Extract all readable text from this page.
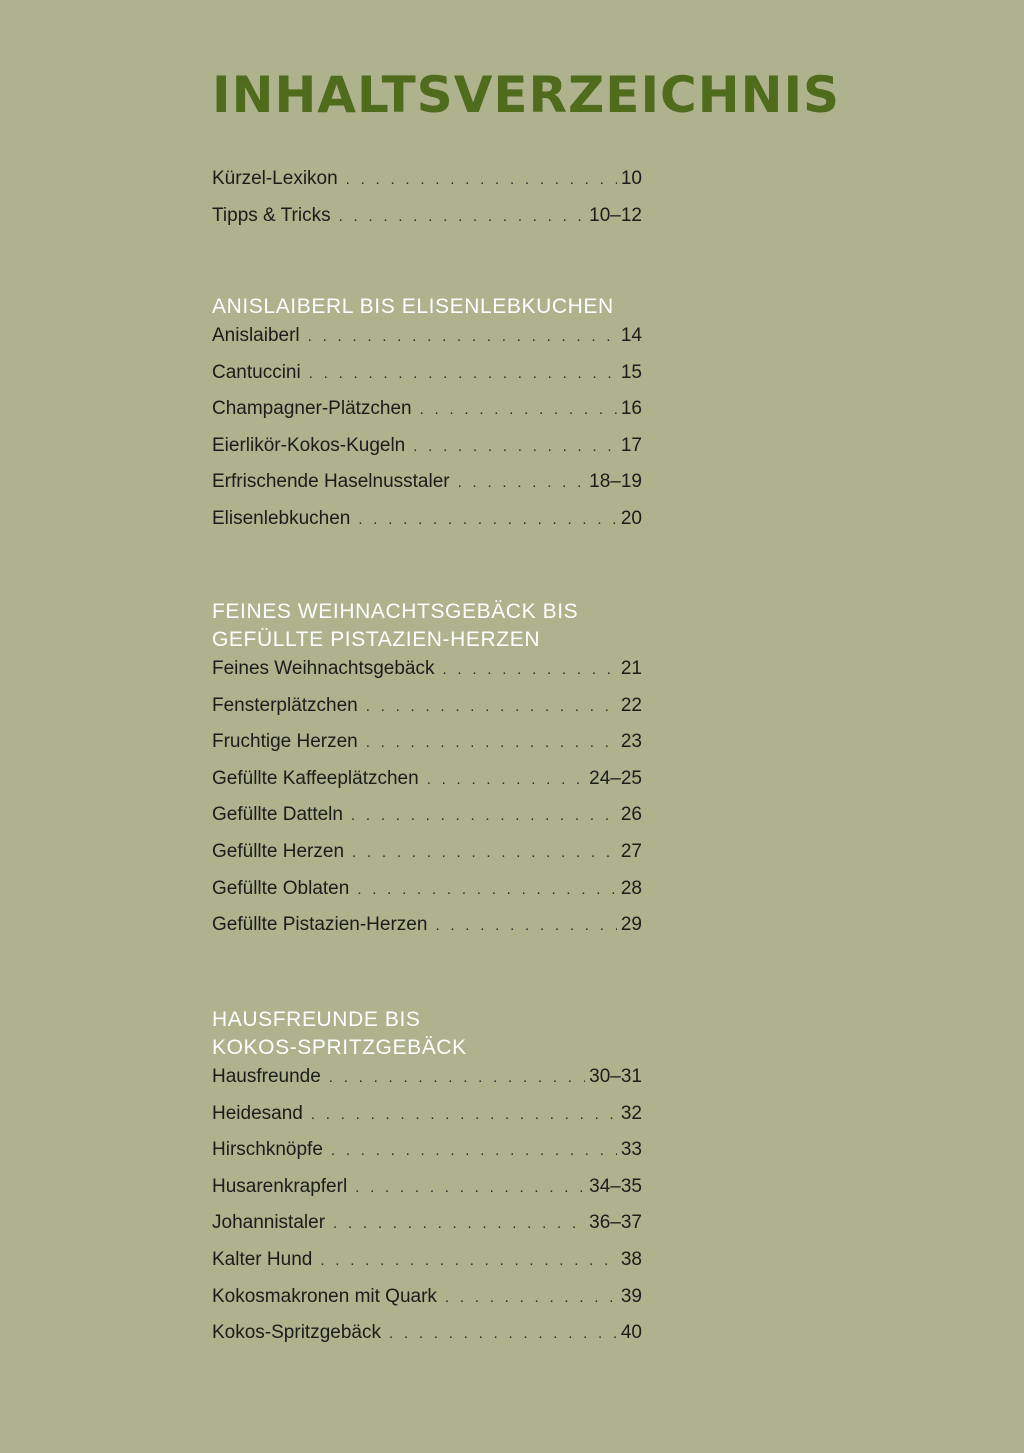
INHALTSVERZEICHNIS
Kürzel-Lexikon . . .	10
Tipps & Tricks . . .	10–12
ANISLAIBERL BIS ELISENLEBKUCHEN
Anislaiberl . . .	14
Cantuccini . . .	15
Champagner-Plätzchen . . .	16
Eierlikör-Kokos-Kugeln . . .	17
Erfrischende Haselnusstaler . . .	18–19
Elisenlebkuchen . . .	20
FEINES WEIHNACHTSGEBÄCK BIS
GEFÜLLTE PISTAZIEN-HERZEN
Feines Weihnachtsgebäck . . .	21
Fensterplätzchen . . .	22
Fruchtige Herzen . . .	23
Gefüllte Kaffeeplätzchen . . .	24–25
Gefüllte Datteln . . .	26
Gefüllte Herzen . . .	27
Gefüllte Oblaten . . .	28
Gefüllte Pistazien-Herzen . . .	29
HAUSFREUNDE BIS
KOKOS-SPRITZGEBÄCK
Hausfreunde . . .	30–31
Heidesand . . .	32
Hirschknöpfe . . .	33
Husarenkrapferl . . .	34–35
Johannistaler . . .	36–37
Kalter Hund . . .	38
Kokosmakronen mit Quark . . .	39
Kokos-Spritzgebäck . . .	40
